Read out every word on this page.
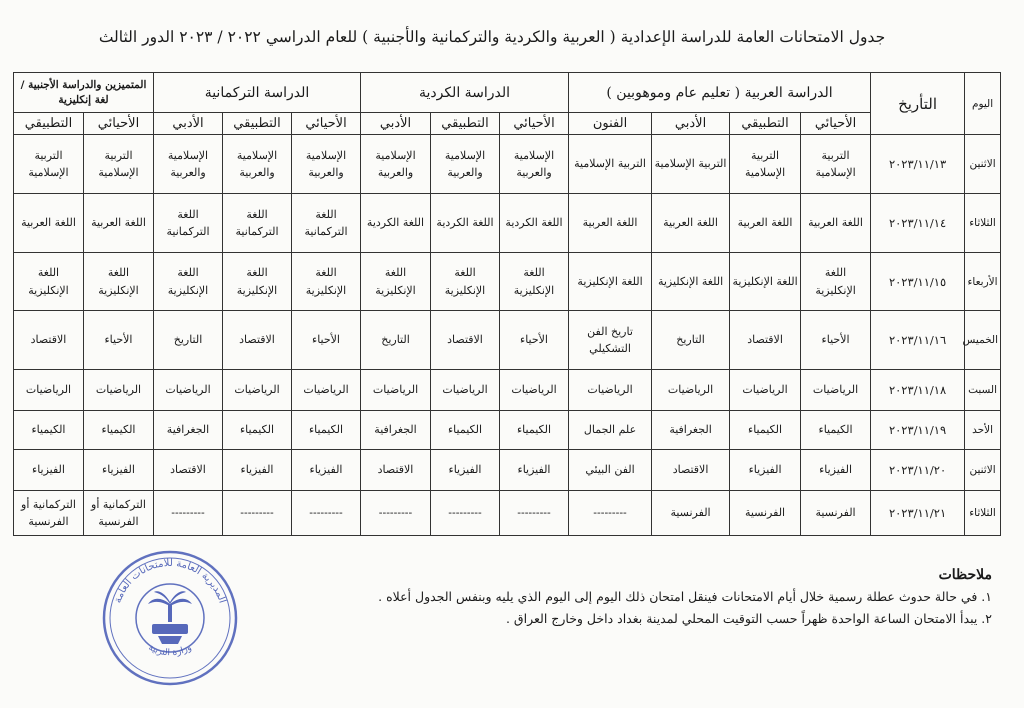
جدول الامتحانات العامة للدراسة الإعدادية ( العربية والكردية والتركمانية والأجنبية ) للعام الدراسي ٢٠٢٢ / ٢٠٢٣ الدور الثالث
اليوم	التأريخ	الدراسة العربية ( تعليم عام وموهوبين )				الدراسة الكردية			الدراسة التركمانية			المتميزين والدراسة الأجنبية / لغة إنكليزية	
		الأحيائي	التطبيقي	الأدبي	الفنون	الأحيائي	التطبيقي	الأدبي	الأحيائي	التطبيقي	الأدبي	الأحيائي	التطبيقي
الاثنين	٢٠٢٣/١١/١٣	التربية الإسلامية	التربية الإسلامية	التربية الإسلامية	التربية الإسلامية	الإسلامية والعربية	الإسلامية والعربية	الإسلامية والعربية	الإسلامية والعربية	الإسلامية والعربية	الإسلامية والعربية	التربية الإسلامية	التربية الإسلامية
الثلاثاء	٢٠٢٣/١١/١٤	اللغة العربية	اللغة العربية	اللغة العربية	اللغة العربية	اللغة الكردية	اللغة الكردية	اللغة الكردية	اللغة التركمانية	اللغة التركمانية	اللغة التركمانية	اللغة العربية	اللغة العربية
الأربعاء	٢٠٢٣/١١/١٥	اللغة الإنكليزية	اللغة الإنكليزية	اللغة الإنكليزية	اللغة الإنكليزية	اللغة الإنكليزية	اللغة الإنكليزية	اللغة الإنكليزية	اللغة الإنكليزية	اللغة الإنكليزية	اللغة الإنكليزية	اللغة الإنكليزية	اللغة الإنكليزية
الخميس	٢٠٢٣/١١/١٦	الأحياء	الاقتصاد	التاريخ	تاريخ الفن التشكيلي	الأحياء	الاقتصاد	التاريخ	الأحياء	الاقتصاد	التاريخ	الأحياء	الاقتصاد
السبت	٢٠٢٣/١١/١٨	الرياضيات	الرياضيات	الرياضيات	الرياضيات	الرياضيات	الرياضيات	الرياضيات	الرياضيات	الرياضيات	الرياضيات	الرياضيات	الرياضيات
الأحد	٢٠٢٣/١١/١٩	الكيمياء	الكيمياء	الجغرافية	علم الجمال	الكيمياء	الكيمياء	الجغرافية	الكيمياء	الكيمياء	الجغرافية	الكيمياء	الكيمياء
الاثنين	٢٠٢٣/١١/٢٠	الفيزياء	الفيزياء	الاقتصاد	الفن البيئي	الفيزياء	الفيزياء	الاقتصاد	الفيزياء	الفيزياء	الاقتصاد	الفيزياء	الفيزياء
الثلاثاء	٢٠٢٣/١١/٢١	الفرنسية	الفرنسية	الفرنسية	---------	---------	---------	---------	---------	---------	---------	التركمانية أو الفرنسية	التركمانية أو الفرنسية
ملاحظات
١. في حالة حدوث عطلة رسمية خلال أيام الامتحانات فينقل امتحان ذلك اليوم إلى اليوم الذي يليه وبنفس الجدول أعلاه .
٢. يبدأ الامتحان الساعة الواحدة ظهراً حسب التوقيت المحلي لمدينة بغداد داخل وخارج العراق .
المديرية العامة للامتحانات العامة
وزارة التربية
